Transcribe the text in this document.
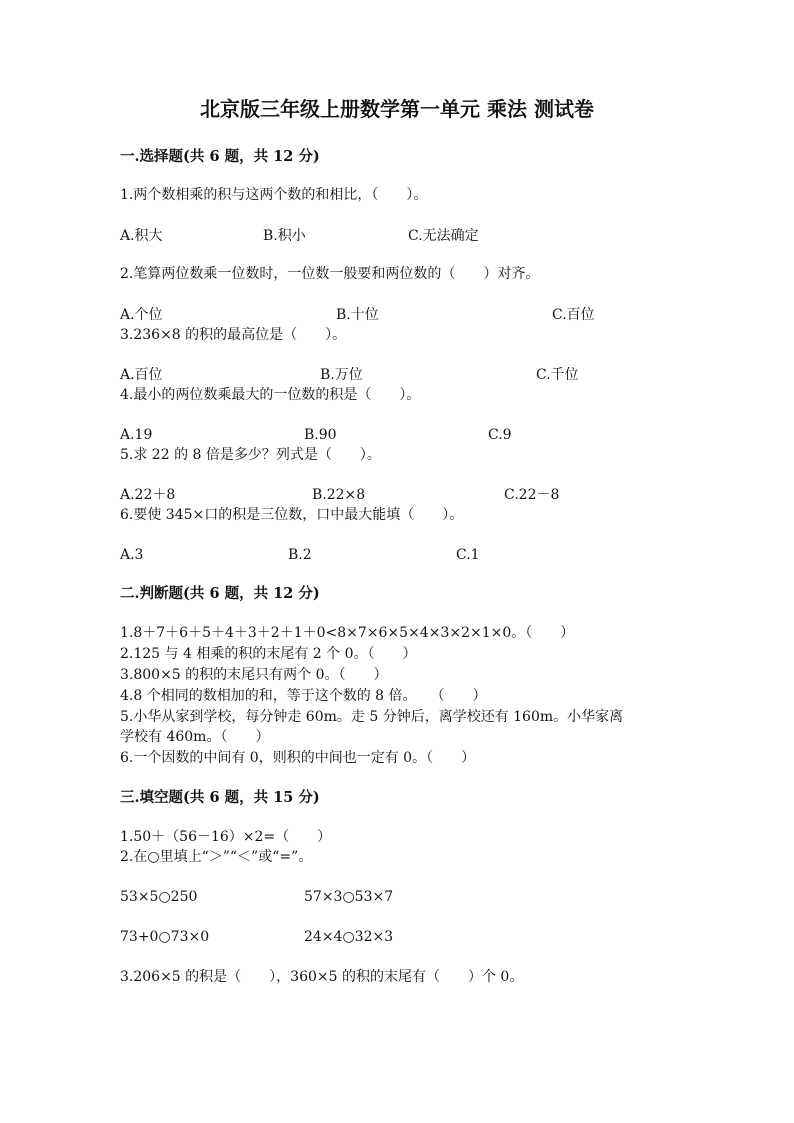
北京版三年级上册数学第一单元 乘法 测试卷
一.选择题(共 6 题，共 12 分)
1.两个数相乘的积与这两个数的和相比，（　　）。
A.积大	B.积小	C.无法确定
2.笔算两位数乘一位数时，一位数一般要和两位数的（　　）对齐。
A.个位	B.十位	C.百位
3.236×8 的积的最高位是（　　）。
A.百位	B.万位	C.千位
4.最小的两位数乘最大的一位数的积是（　　）。
A.19	B.90	C.9
5.求 22 的 8 倍是多少？列式是（　　）。
A.22＋8	B.22×8	C.22－8
6.要使 345×口的积是三位数，口中最大能填（　　）。
A.3	B.2	C.1
二.判断题(共 6 题，共 12 分)
1.8＋7＋6＋5＋4＋3＋2＋1＋0<8×7×6×5×4×3×2×1×0。（　　）
2.125 与 4 相乘的积的末尾有 2 个 0。（　　）
3.800×5 的积的末尾只有两个 0。（　　）
4.8 个相同的数相加的和，等于这个数的 8 倍。　　（　　）
5.小华从家到学校，每分钟走 60m。走 5 分钟后，离学校还有 160m。小华家离
学校有 460m。（　　）
6.一个因数的中间有 0，则积的中间也一定有 0。（　　）
三.填空题(共 6 题，共 15 分)
1.50＋（56－16）×2=（　　）
2.在○里填上“＞”“＜”或“=”。
53×5○250	57×3○53×7
73+0○73×0	24×4○32×3
3.206×5 的积是（　　），360×5 的积的末尾有（　　）个 0。
